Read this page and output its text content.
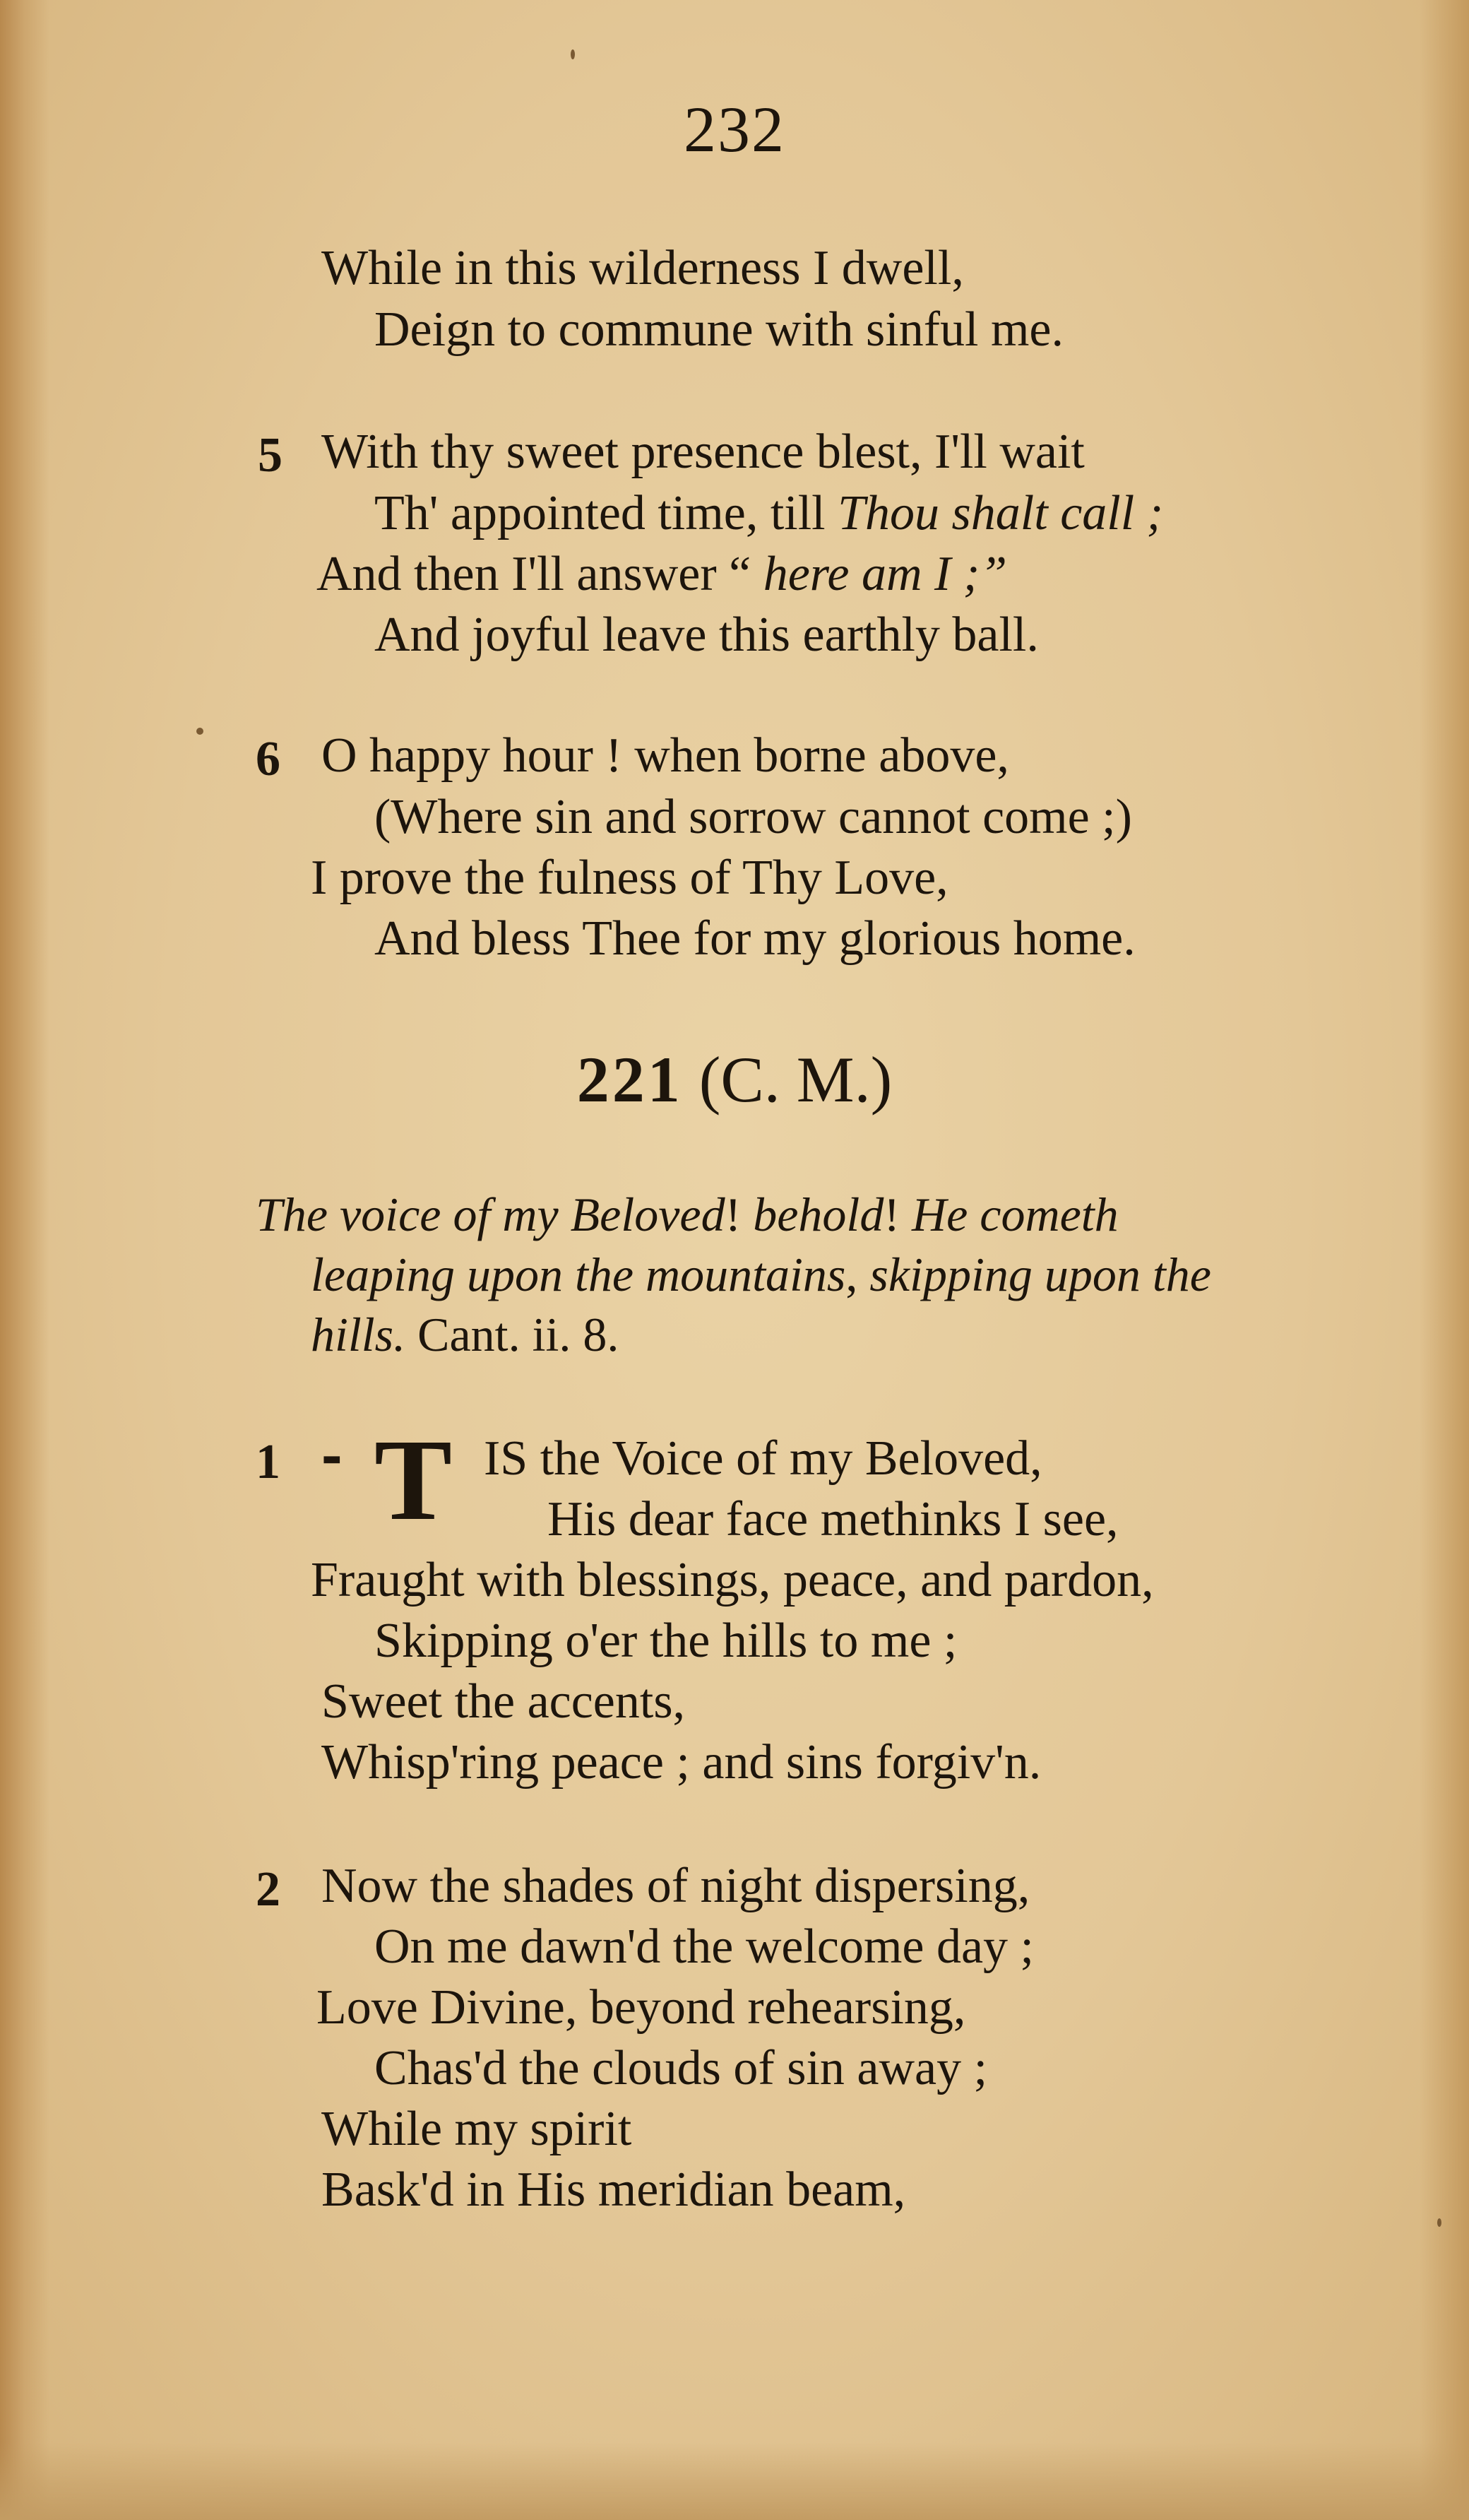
232
While in this wilderness I dwell,
Deign to commune with sinful me.
5 With thy sweet presence blest, I'll wait
Th' appointed time, till Thou shalt call ;
And then I'll answer “ here am I ;”
And joyful leave this earthly ball.
6 O happy hour ! when borne above,
(Where sin and sorrow cannot come ;)
I prove the fulness of Thy Love,
And bless Thee for my glorious home.
221 (C. M.)
The voice of my Beloved! behold! He cometh
leaping upon the mountains, skipping upon the
hills. Cant. ii. 8.
1 ⁃ T IS the Voice of my Beloved,
His dear face methinks I see,
Fraught with blessings, peace, and pardon,
Skipping o'er the hills to me ;
Sweet the accents,
Whisp'ring peace ; and sins forgiv'n.
2 Now the shades of night dispersing,
On me dawn'd the welcome day ;
Love Divine, beyond rehearsing,
Chas'd the clouds of sin away ;
While my spirit
Bask'd in His meridian beam,
